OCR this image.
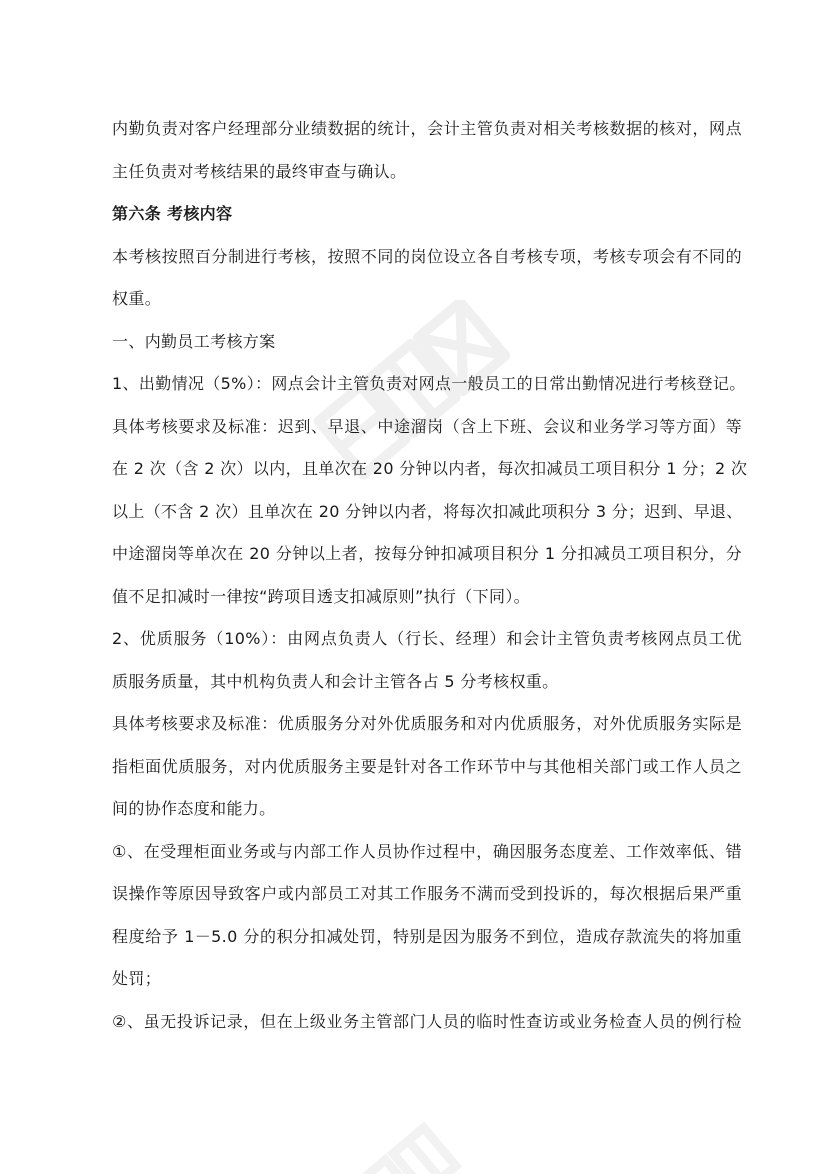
内勤负责对客户经理部分业绩数据的统计，会计主管负责对相关考核数据的核对，网点
主任负责对考核结果的最终审查与确认。
第六条 考核内容
本考核按照百分制进行考核，按照不同的岗位设立各自考核专项，考核专项会有不同的
权重。
一、内勤员工考核方案
1、出勤情况（5%）：网点会计主管负责对网点一般员工的日常出勤情况进行考核登记。
具体考核要求及标准：迟到、早退、中途溜岗（含上下班、会议和业务学习等方面）等
在 2 次（含 2 次）以内，且单次在 20 分钟以内者，每次扣减员工项目积分 1 分；2 次
以上（不含 2 次）且单次在 20 分钟以内者，将每次扣减此项积分 3 分；迟到、早退、
中途溜岗等单次在 20 分钟以上者，按每分钟扣减项目积分 1 分扣减员工项目积分，分
值不足扣减时一律按“跨项目透支扣减原则”执行（下同）。
2、优质服务（10%）：由网点负责人（行长、经理）和会计主管负责考核网点员工优
质服务质量，其中机构负责人和会计主管各占 5 分考核权重。
具体考核要求及标准：优质服务分对外优质服务和对内优质服务，对外优质服务实际是
指柜面优质服务，对内优质服务主要是针对各工作环节中与其他相关部门或工作人员之
间的协作态度和能力。
①、在受理柜面业务或与内部工作人员协作过程中，确因服务态度差、工作效率低、错
误操作等原因导致客户或内部员工对其工作服务不满而受到投诉的，每次根据后果严重
程度给予 1－5.0 分的积分扣减处罚，特别是因为服务不到位，造成存款流失的将加重
处罚；
②、虽无投诉记录，但在上级业务主管部门人员的临时性查访或业务检查人员的例行检
